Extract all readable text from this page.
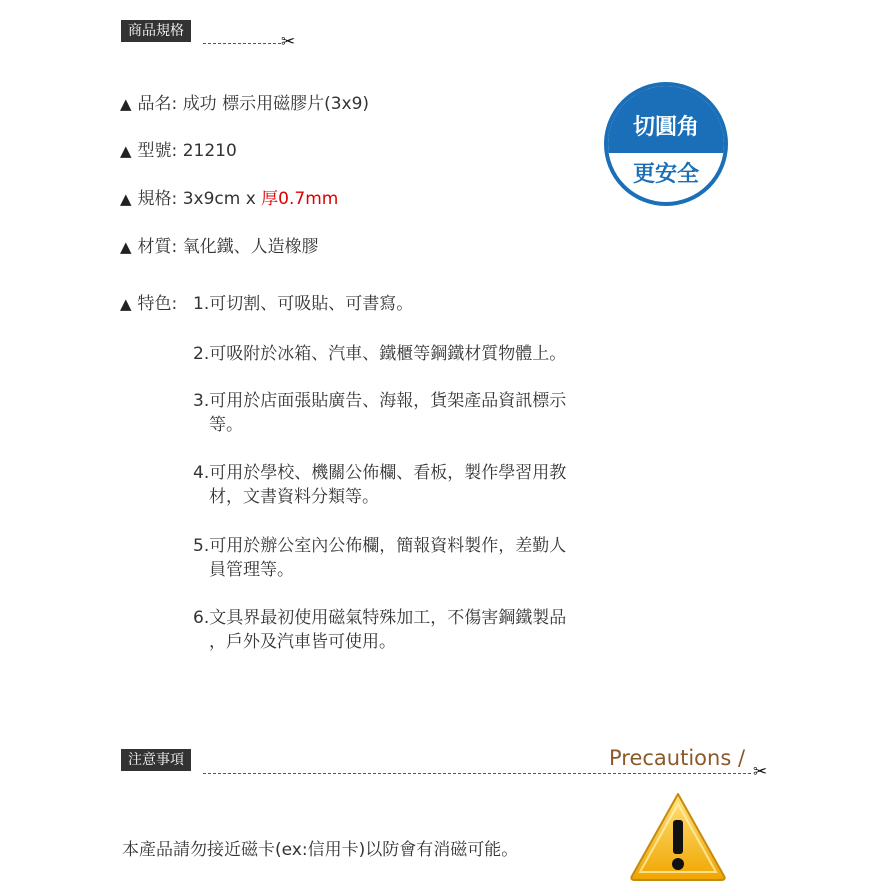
商品規格
✂
▲ 品名: 成功 標示用磁膠片(3x9)
▲ 型號: 21210
▲ 規格: 3x9cm x 厚0.7mm
▲ 材質: 氧化鐵、人造橡膠
▲ 特色: 1.可切割、可吸貼、可書寫。
2.可吸附於冰箱、汽車、鐵櫃等鋼鐵材質物體上。
3.可用於店面張貼廣告、海報，貨架產品資訊標示
等。
4.可用於學校、機關公佈欄、看板，製作學習用教
材，文書資料分類等。
5.可用於辦公室內公佈欄，簡報資料製作，差勤人
員管理等。
6.文具界最初使用磁氣特殊加工，不傷害鋼鐵製品
，戶外及汽車皆可使用。
切圓角
更安全
注意事項	Precautions /
✂
本產品請勿接近磁卡(ex:信用卡)以防會有消磁可能。
